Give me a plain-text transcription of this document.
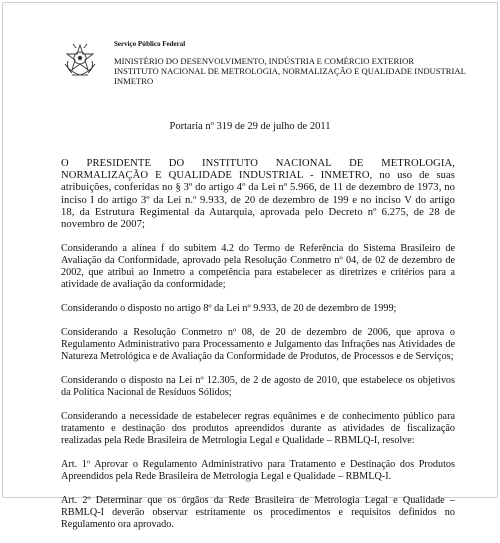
Serviço Público Federal
MINISTÉRIO DO DESENVOLVIMENTO, INDÚSTRIA E COMÉRCIO EXTERIOR
INSTITUTO NACIONAL DE METROLOGIA, NORMALIZAÇÃO E QUALIDADE INDUSTRIAL
INMETRO
Portaria nº 319 de 29 de julho de 2011

O PRESIDENTE DO INSTITUTO NACIONAL DE METROLOGIA, NORMALIZAÇÃO E QUALIDADE INDUSTRIAL - INMETRO, no uso de suas atribuições, conferidas no § 3º do artigo 4º da Lei nº 5.966, de 11 de dezembro de 1973, no inciso I do artigo 3º da Lei n.º 9.933, de 20 de dezembro de 199 e no inciso V do artigo 18, da Estrutura Regimental da Autarquia, aprovada pelo Decreto nº 6.275, de 28 de novembro de 2007;

Considerando a alínea f do subitem 4.2 do Termo de Referência do Sistema Brasileiro de Avaliação da Conformidade, aprovado pela Resolução Conmetro nº 04, de 02 de dezembro de 2002, que atribui ao Inmetro a competência para estabelecer as diretrizes e critérios para a atividade de avaliação da conformidade;

Considerando o disposto no artigo 8º da Lei nº 9.933, de 20 de dezembro de 1999;

Considerando a Resolução Conmetro nº 08, de 20 de dezembro de 2006, que aprova o Regulamento Administrativo para Processamento e Julgamento das Infrações nas Atividades de Natureza Metrológica e de Avaliação da Conformidade de Produtos, de Processos e de Serviços;

Considerando o disposto na Lei nº 12.305, de 2 de agosto de 2010, que estabelece os objetivos da Política Nacional de Resíduos Sólidos;

Considerando a necessidade de estabelecer regras equânimes e de conhecimento público para tratamento e destinação dos produtos apreendidos durante as atividades de fiscalização realizadas pela Rede Brasileira de Metrologia Legal e Qualidade – RBMLQ-I, resolve:

Art. 1º Aprovar o Regulamento Administrativo para Tratamento e Destinação dos Produtos Apreendidos pela Rede Brasileira de Metrologia Legal e Qualidade – RBMLQ-I.

Art. 2º Determinar que os órgãos da Rede Brasileira de Metrologia Legal e Qualidade – RBMLQ-I deverão observar estritamente os procedimentos e requisitos definidos no Regulamento ora aprovado.
